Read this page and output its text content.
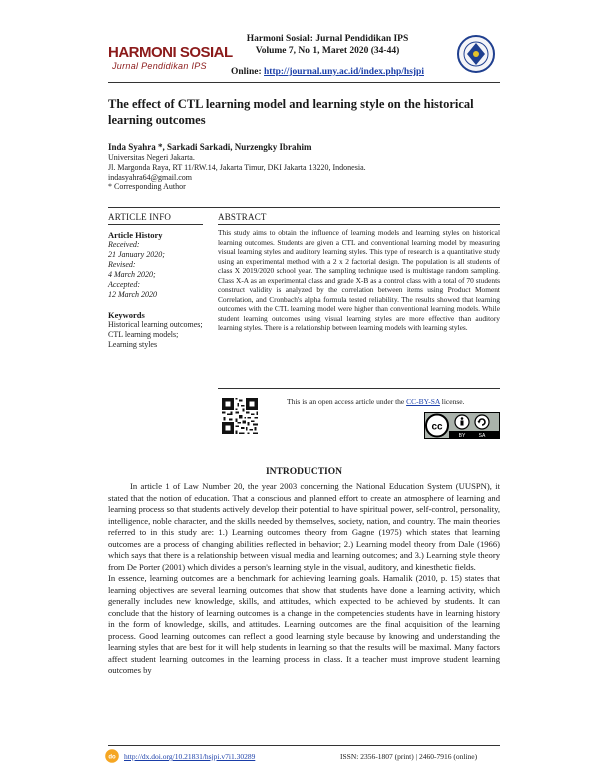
HARMONI SOSIAL
Jurnal Pendidikan IPS
Harmoni Sosial: Jurnal Pendidikan IPS
Volume 7, No 1, Maret 2020 (34-44)
Online: http://journal.uny.ac.id/index.php/hsjpi
The effect of CTL learning model and learning style on the historical learning outcomes
Inda Syahra *, Sarkadi Sarkadi, Nurzengky Ibrahim
Universitas Negeri Jakarta.
Jl. Margonda Raya, RT 11/RW.14, Jakarta Timur, DKI Jakarta 13220, Indonesia.
indasyahra64@gmail.com
* Corresponding Author
ARTICLE INFO	ABSTRACT
Article History
Received:
21 January 2020;
Revised:
4 March 2020;
Accepted:
12 March 2020
Keywords
Historical learning outcomes;
CTL learning models;
Learning styles
This study aims to obtain the influence of learning models and learning styles on historical learning outcomes. Students are given a CTL and conventional learning model by measuring visual learning styles and auditory learning styles. This type of research is a quantitative study using an experimental method with a 2 x 2 factorial design. The population is all students of class X 2019/2020 school year. The sampling technique used is multistage random sampling. Class X-A as an experimental class and grade X-B as a control class with a total of 70 students construct validity is analyzed by the correlation between items using Product Moment Correlation, and Cronbach's alpha formula tested reliability. The results showed that learning outcomes with the CTL learning model were higher than conventional learning models. While student learning outcomes using visual learning styles are more effective than auditory learning styles. There is a relationship between learning models with learning styles.
This is an open access article under the CC-BY-SA license.
cc
BY	SA
INTRODUCTION

In article 1 of Law Number 20, the year 2003 concerning the National Education System (UUSPN), it stated that the notion of education. That a conscious and planned effort to create an atmosphere of learning and learning process so that students actively develop their potential to have spiritual power, self-control, personality, intelligence, noble character, and the skills needed by themselves, society, nation, and country. The main theories referred to in this study are: 1.) Learning outcomes theory from Gagne (1975) which states that learning outcomes are a process of changing abilities reflected in behavior; 2.) Learning model theory from Dale (1966) which says that there is a relationship between visual media and learning outcomes; and 3.) Learning style theory from De Porter (2001) which divides a person's learning style in the visual, auditory, and kinesthetic fields.

In essence, learning outcomes are a benchmark for achieving learning goals. Hamalik (2010, p. 15) states that learning objectives are several learning outcomes that show that students have done a learning activity, which generally includes new knowledge, skills, and attitudes, which expected to be achieved by students. It can conclude that the history of learning outcomes is a change in the competencies students have in learning history in the form of knowledge, skills, and attitudes. Learning outcomes are the final acquisition of the learning process. Good learning outcomes can reflect a good learning style because by knowing and understanding the learning styles that are best for it will help students in learning so that the results will be maximal. Many factors affect student learning outcomes in the learning process in class. It a teacher must improve student learning outcomes by

do http://dx.doi.org/10.21831/hsjpi.v7i1.30289	ISSN: 2356-1807 (print) | 2460-7916 (online)
